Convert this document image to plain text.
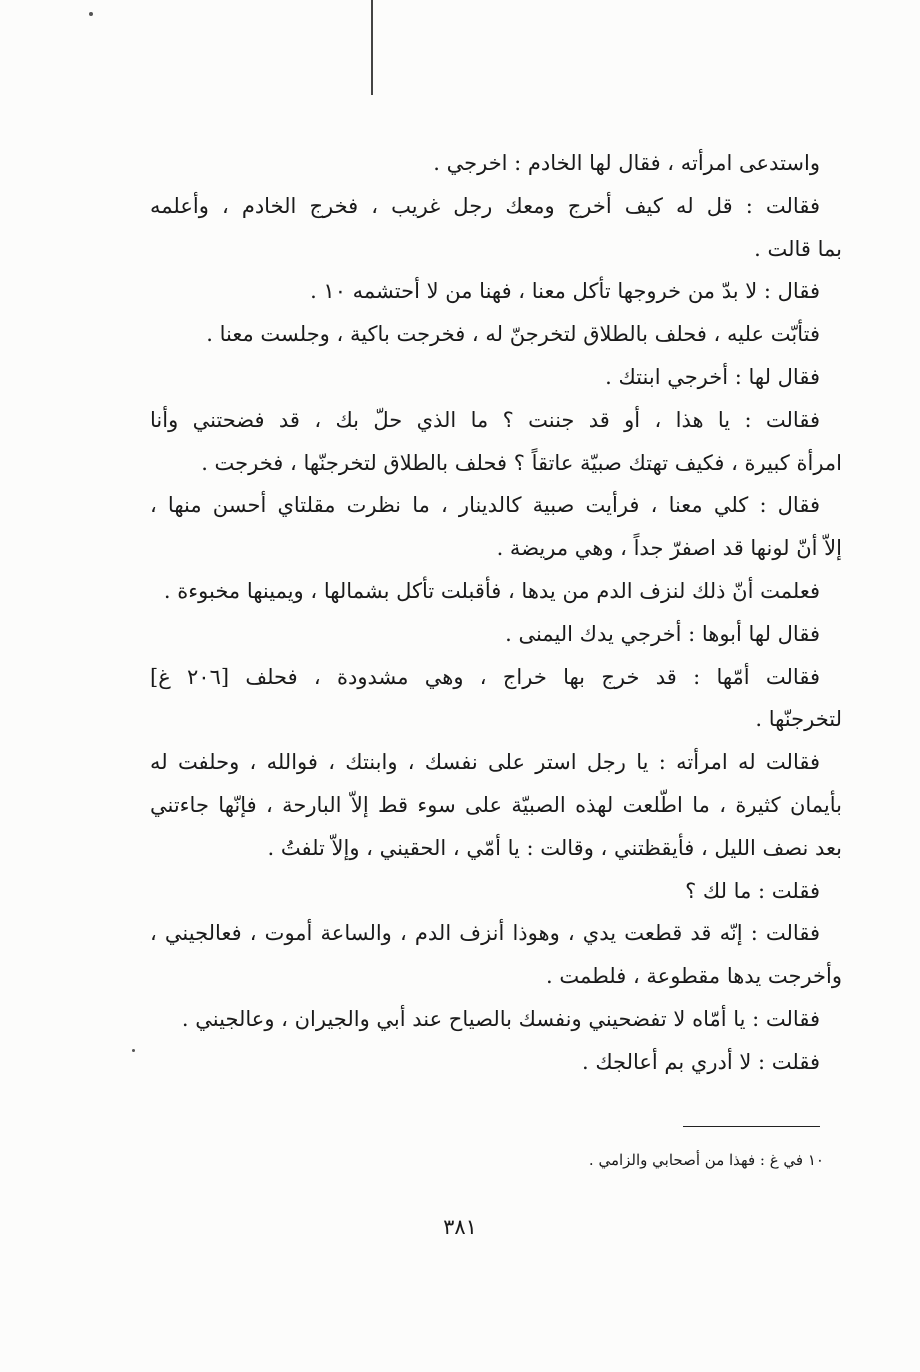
واستدعى امرأته ، فقال لها الخادم : اخرجي .
فقالت : قل له كيف أخرج ومعك رجل غريب ، فخرج الخادم ، وأعلمه
بما قالت .
فقال : لا بدّ من خروجها تأكل معنا ، فهنا من لا أحتشمه ١٠ .
فتأبّت عليه ، فحلف بالطلاق لتخرجنّ له ، فخرجت باكية ، وجلست معنا .
فقال لها : أخرجي ابنتك .
فقالت : يا هذا ، أو قد جننت ؟ ما الذي حلّ بك ، قد فضحتني وأنا
امرأة كبيرة ، فكيف تهتك صبيّة عاتقاً ؟ فحلف بالطلاق لتخرجنّها ، فخرجت .
فقال : كلي معنا ، فرأيت صبية كالدينار ، ما نظرت مقلتاي أحسن منها ،
إلاّ أنّ لونها قد اصفرّ جداً ، وهي مريضة .
فعلمت أنّ ذلك لنزف الدم من يدها ، فأقبلت تأكل بشمالها ، ويمينها مخبوءة .
فقال لها أبوها : أخرجي يدك اليمنى .
فقالت أمّها : قد خرج بها خراج ، وهي مشدودة ، فحلف [٢٠٦ غ]
لتخرجنّها .
فقالت له امرأته : يا رجل استر على نفسك ، وابنتك ، فوالله ، وحلفت له
بأيمان كثيرة ، ما اطّلعت لهذه الصبيّة على سوء قط إلاّ البارحة ، فإنّها جاءتني
بعد نصف الليل ، فأيقظتني ، وقالت : يا أمّي ، الحقيني ، وإلاّ تلفتُ .
فقلت : ما لك ؟
فقالت : إنّه قد قطعت يدي ، وهوذا أنزف الدم ، والساعة أموت ، فعالجيني ،
وأخرجت يدها مقطوعة ، فلطمت .
فقالت : يا أمّاه لا تفضحيني ونفسك بالصياح عند أبي والجيران ، وعالجيني .
فقلت : لا أدري بم أعالجك .
١٠ في غ : فهذا من أصحابي والزامي .
٣٨١
